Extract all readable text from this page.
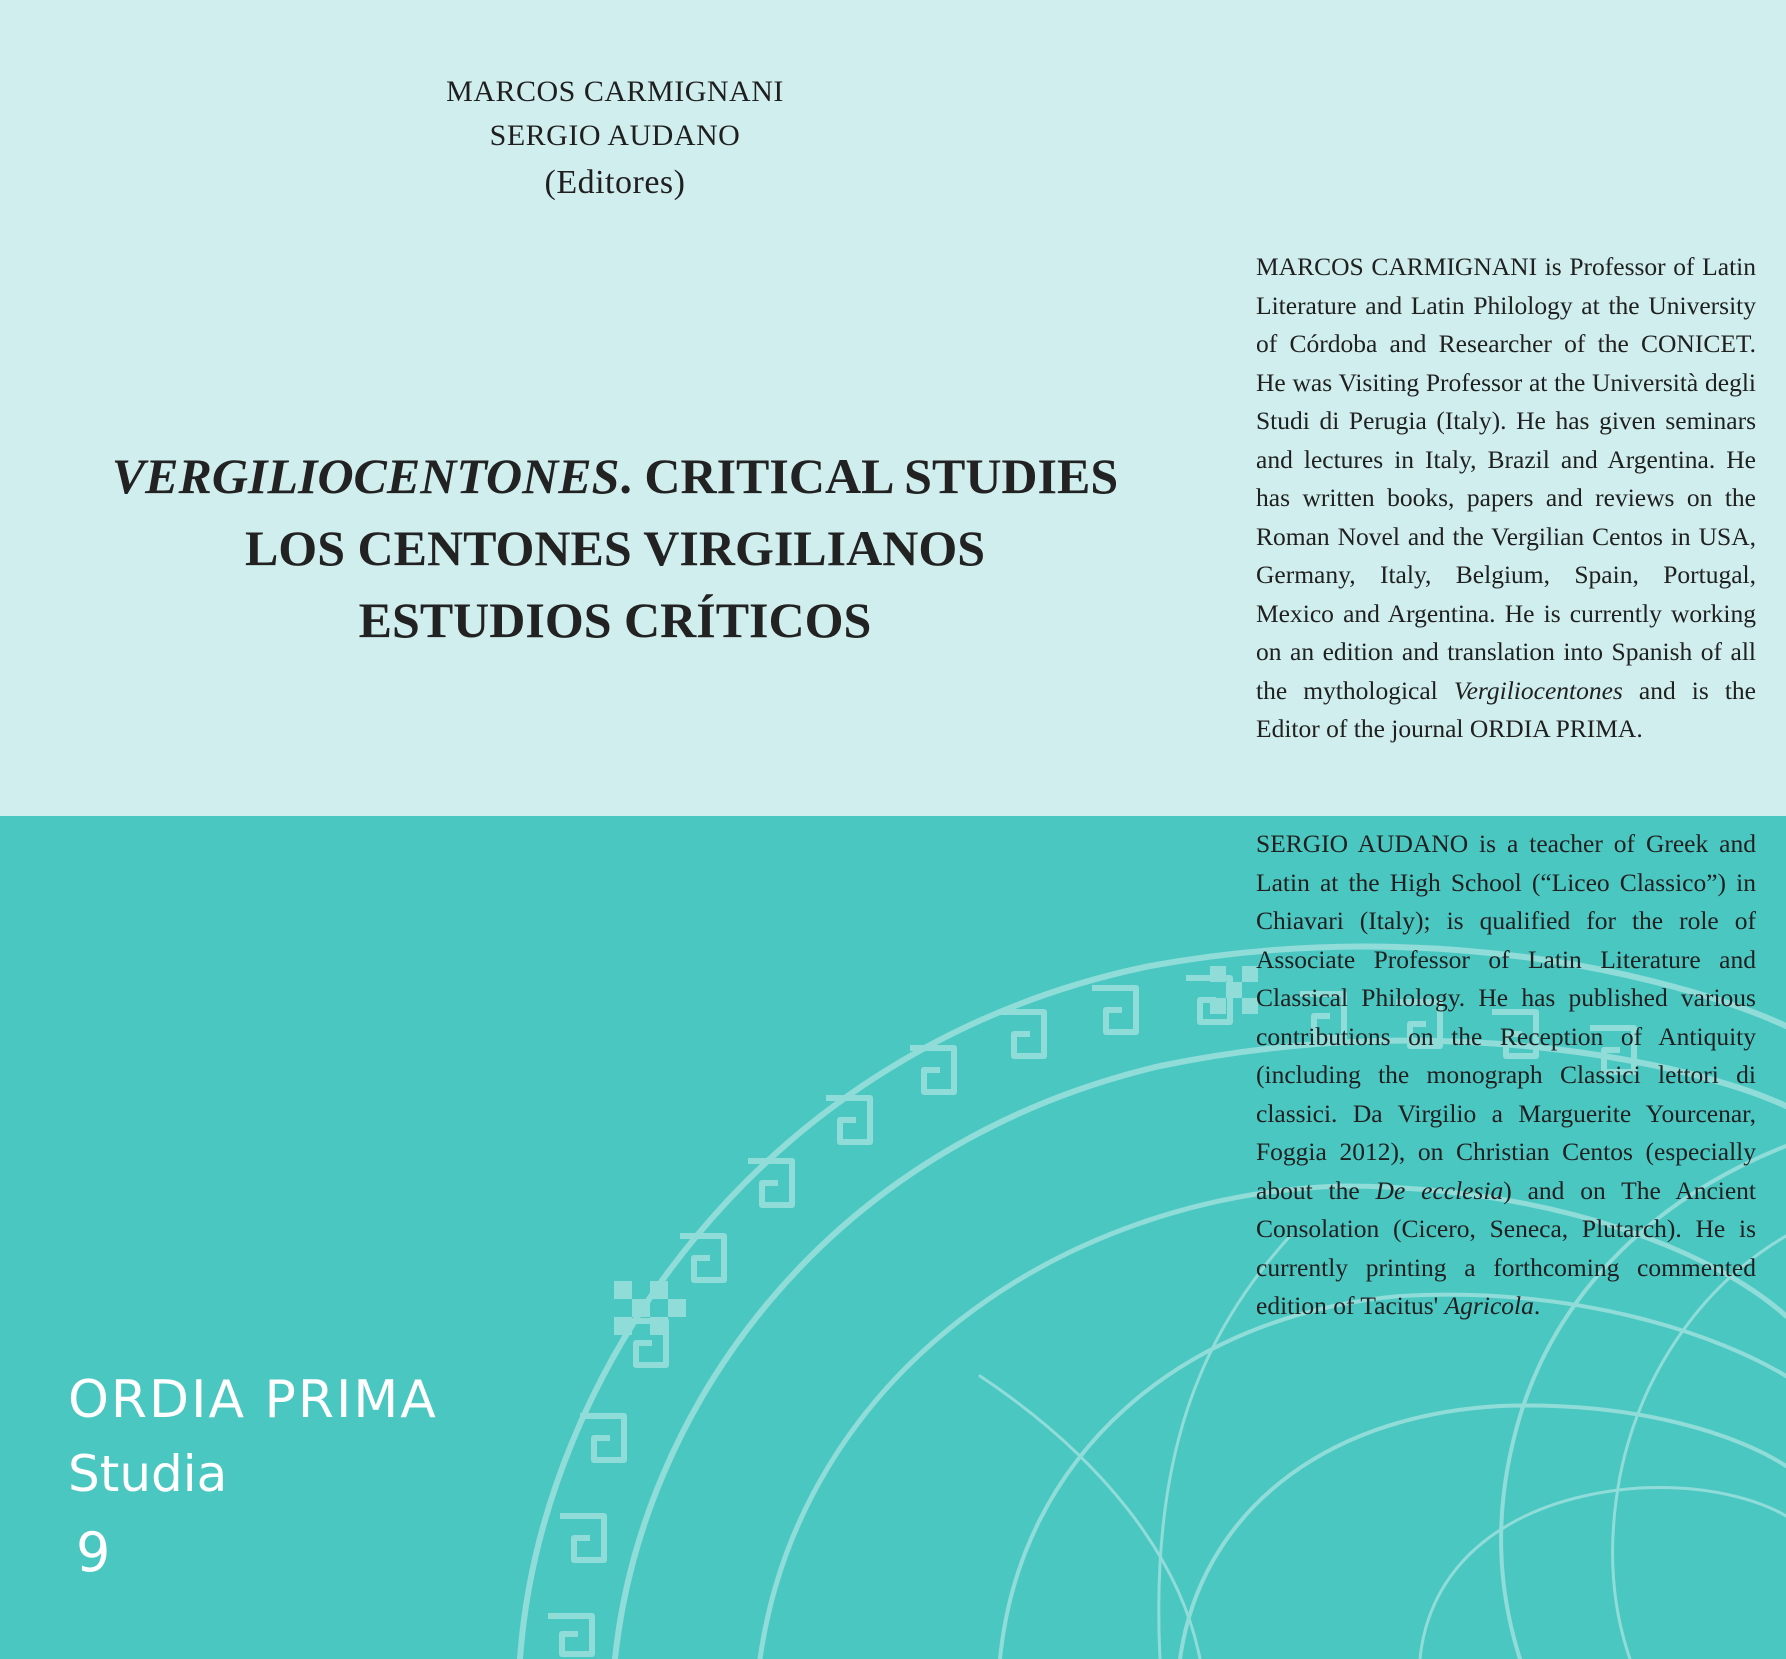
MARCOS CARMIGNANI
SERGIO AUDANO
(Editores)
VERGILIOCENTONES. CRITICAL STUDIES
LOS CENTONES VIRGILIANOS
ESTUDIOS CRÍTICOS

MARCOS CARMIGNANI is Professor of Latin Literature and Latin Philology at the University of Córdoba and Researcher of the CONICET. He was Visiting Professor at the Università degli Studi di Perugia (Italy). He has given seminars and lectures in Italy, Brazil and Argentina. He has written books, papers and reviews on the Roman Novel and the Vergilian Centos in USA, Germany, Italy, Belgium, Spain, Portugal, Mexico and Argentina. He is currently working on an edition and translation into Spanish of all the mythological Vergiliocentones and is the Editor of the journal ORDIA PRIMA.

SERGIO AUDANO is a teacher of Greek and Latin at the High School (“Liceo Classico”) in Chiavari (Italy); is qualified for the role of Associate Professor of Latin Literature and Classical Philology. He has published various contributions on the Reception of Antiquity (including the monograph Classici lettori di classici. Da Virgilio a Marguerite Yourcenar, Foggia 2012), on Christian Centos (especially about the De ecclesia) and on The Ancient Consolation (Cicero, Seneca, Plutarch). He is currently printing a forthcoming commented edition of Tacitus' Agricola.

ORDIA PRIMA
Studia
9
